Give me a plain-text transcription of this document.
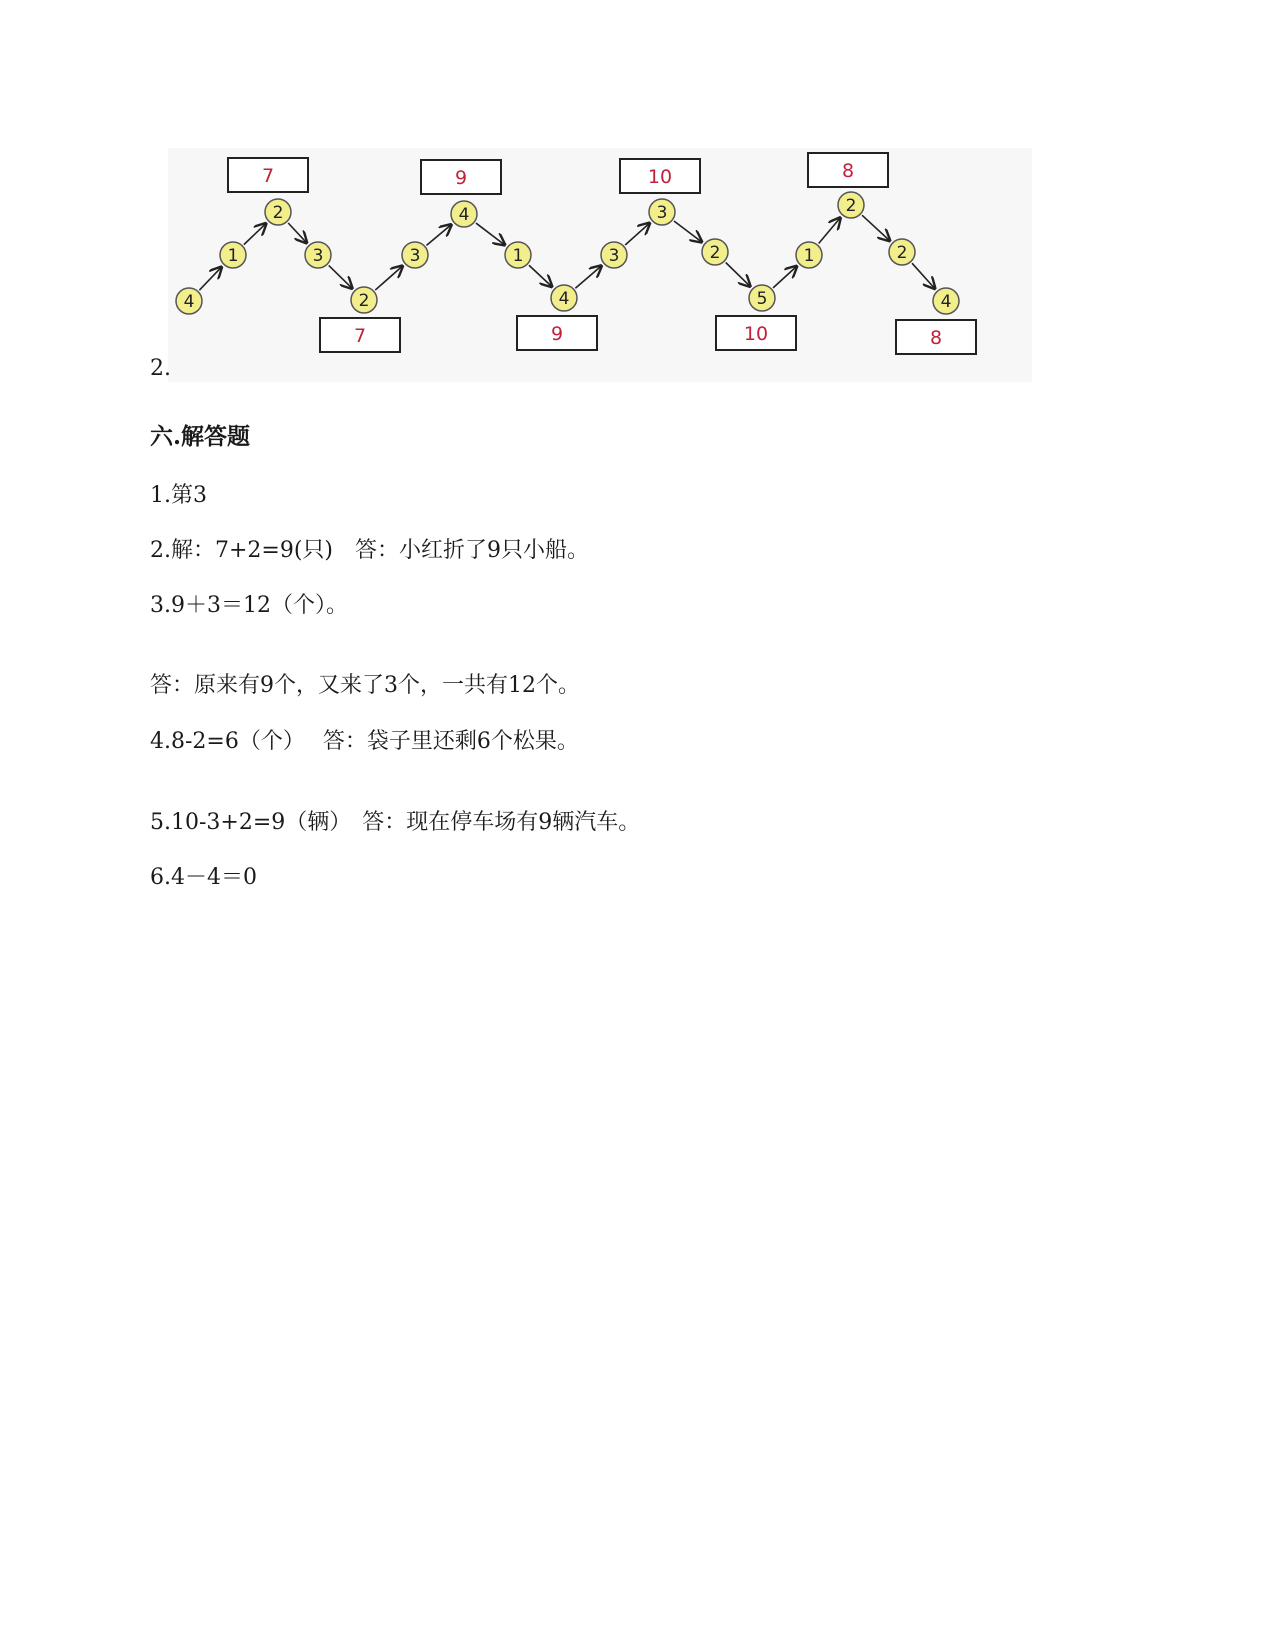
4
1
2
3
2
3
4
1
4
3
3
2
5
1
2
2
4
7	9	10	8
7	9	10	8
2.
六.解答题
1.第3
2.解：7+2=9(只)　答：小红折了9只小船。
3.9＋3＝12（个）。
答：原来有9个，又来了3个，一共有12个。
4.8-2=6（个）　 答：袋子里还剩6个松果。
5.10-3+2=9（辆）　答：现在停车场有9辆汽车。
6.4－4＝0
